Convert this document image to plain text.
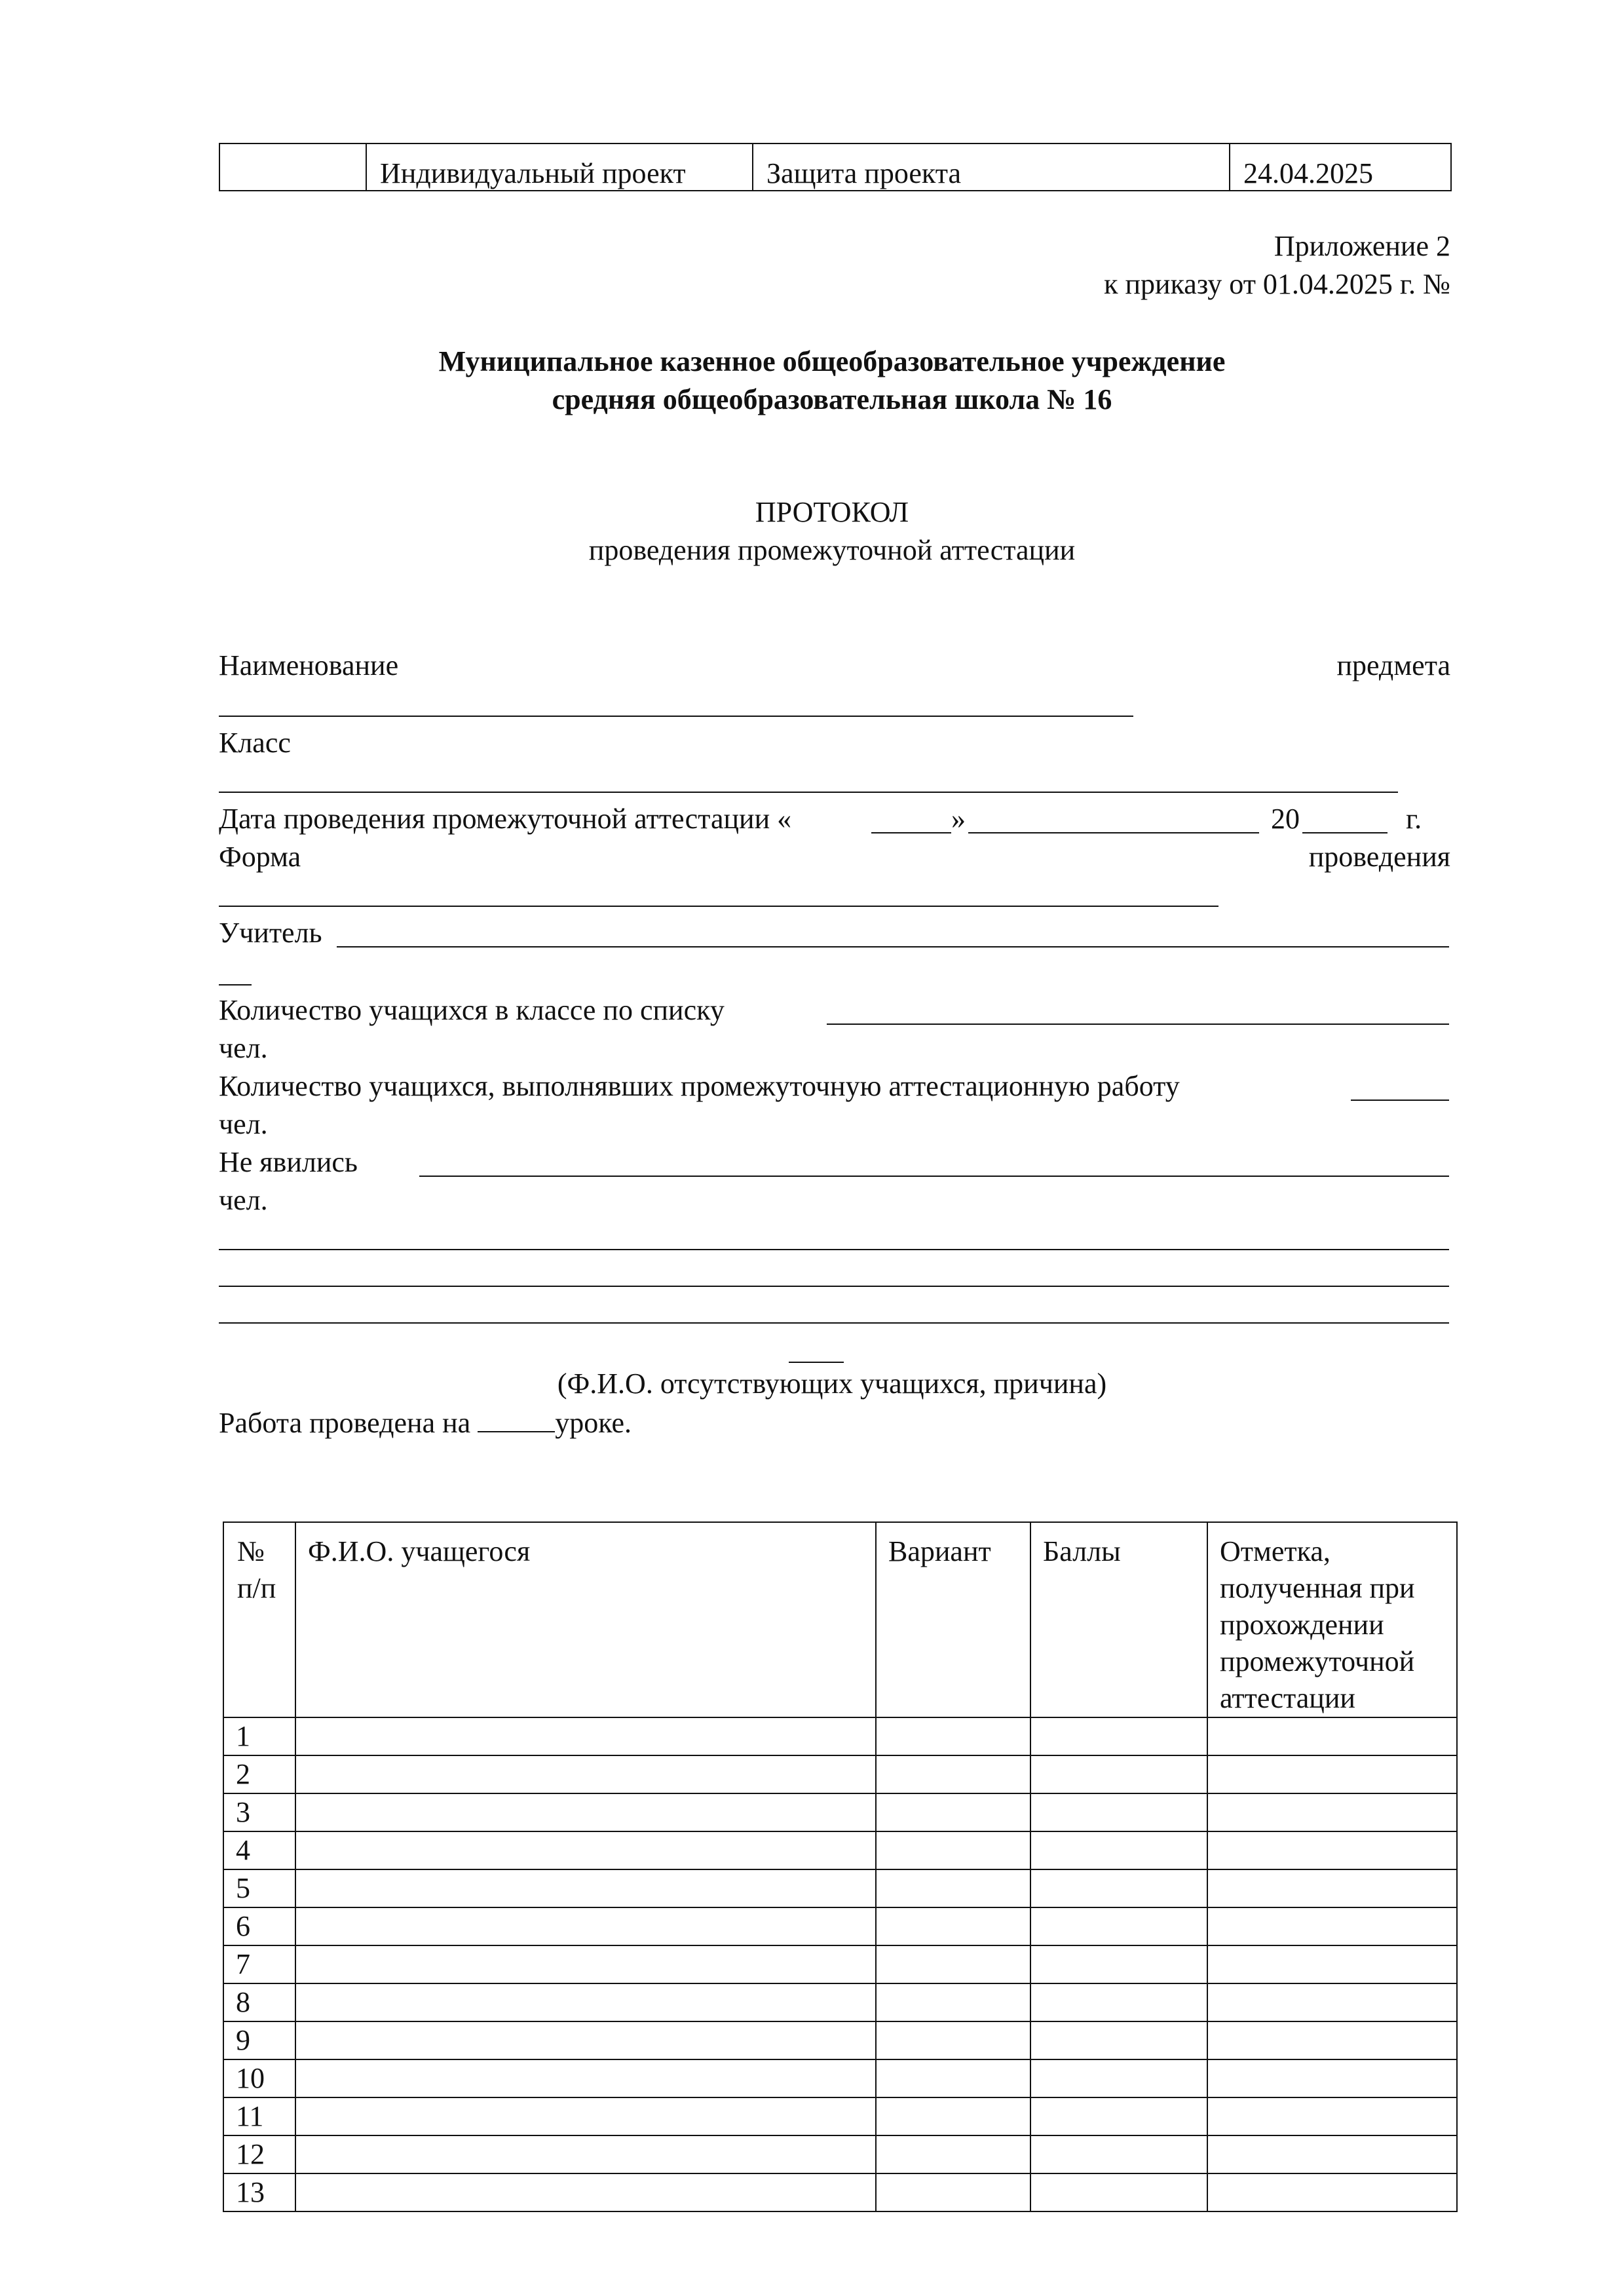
	Индивидуальный проект	Защита проекта	24.04.2025
Приложение 2
к приказу от 01.04.2025 г. №
Муниципальное казенное общеобразовательное учреждение
средняя общеобразовательная школа № 16
ПРОТОКОЛ
проведения промежуточной аттестации
Наименование	предмета
Класс
Дата проведения промежуточной аттестации «	»	20	г.
Форма	проведения
Учитель
Количество учащихся в классе по списку
чел.
Количество учащихся, выполнявших промежуточную аттестационную работу
чел.
Не явились
чел.
(Ф.И.О. отсутствующих учащихся, причина)
Работа проведена на	уроке.
№ п/п	Ф.И.О. учащегося	Вариант	Баллы	Отметка, полученная при прохождении промежуточной аттестации
1				
2				
3				
4				
5				
6				
7				
8				
9				
10				
11				
12				
13				
